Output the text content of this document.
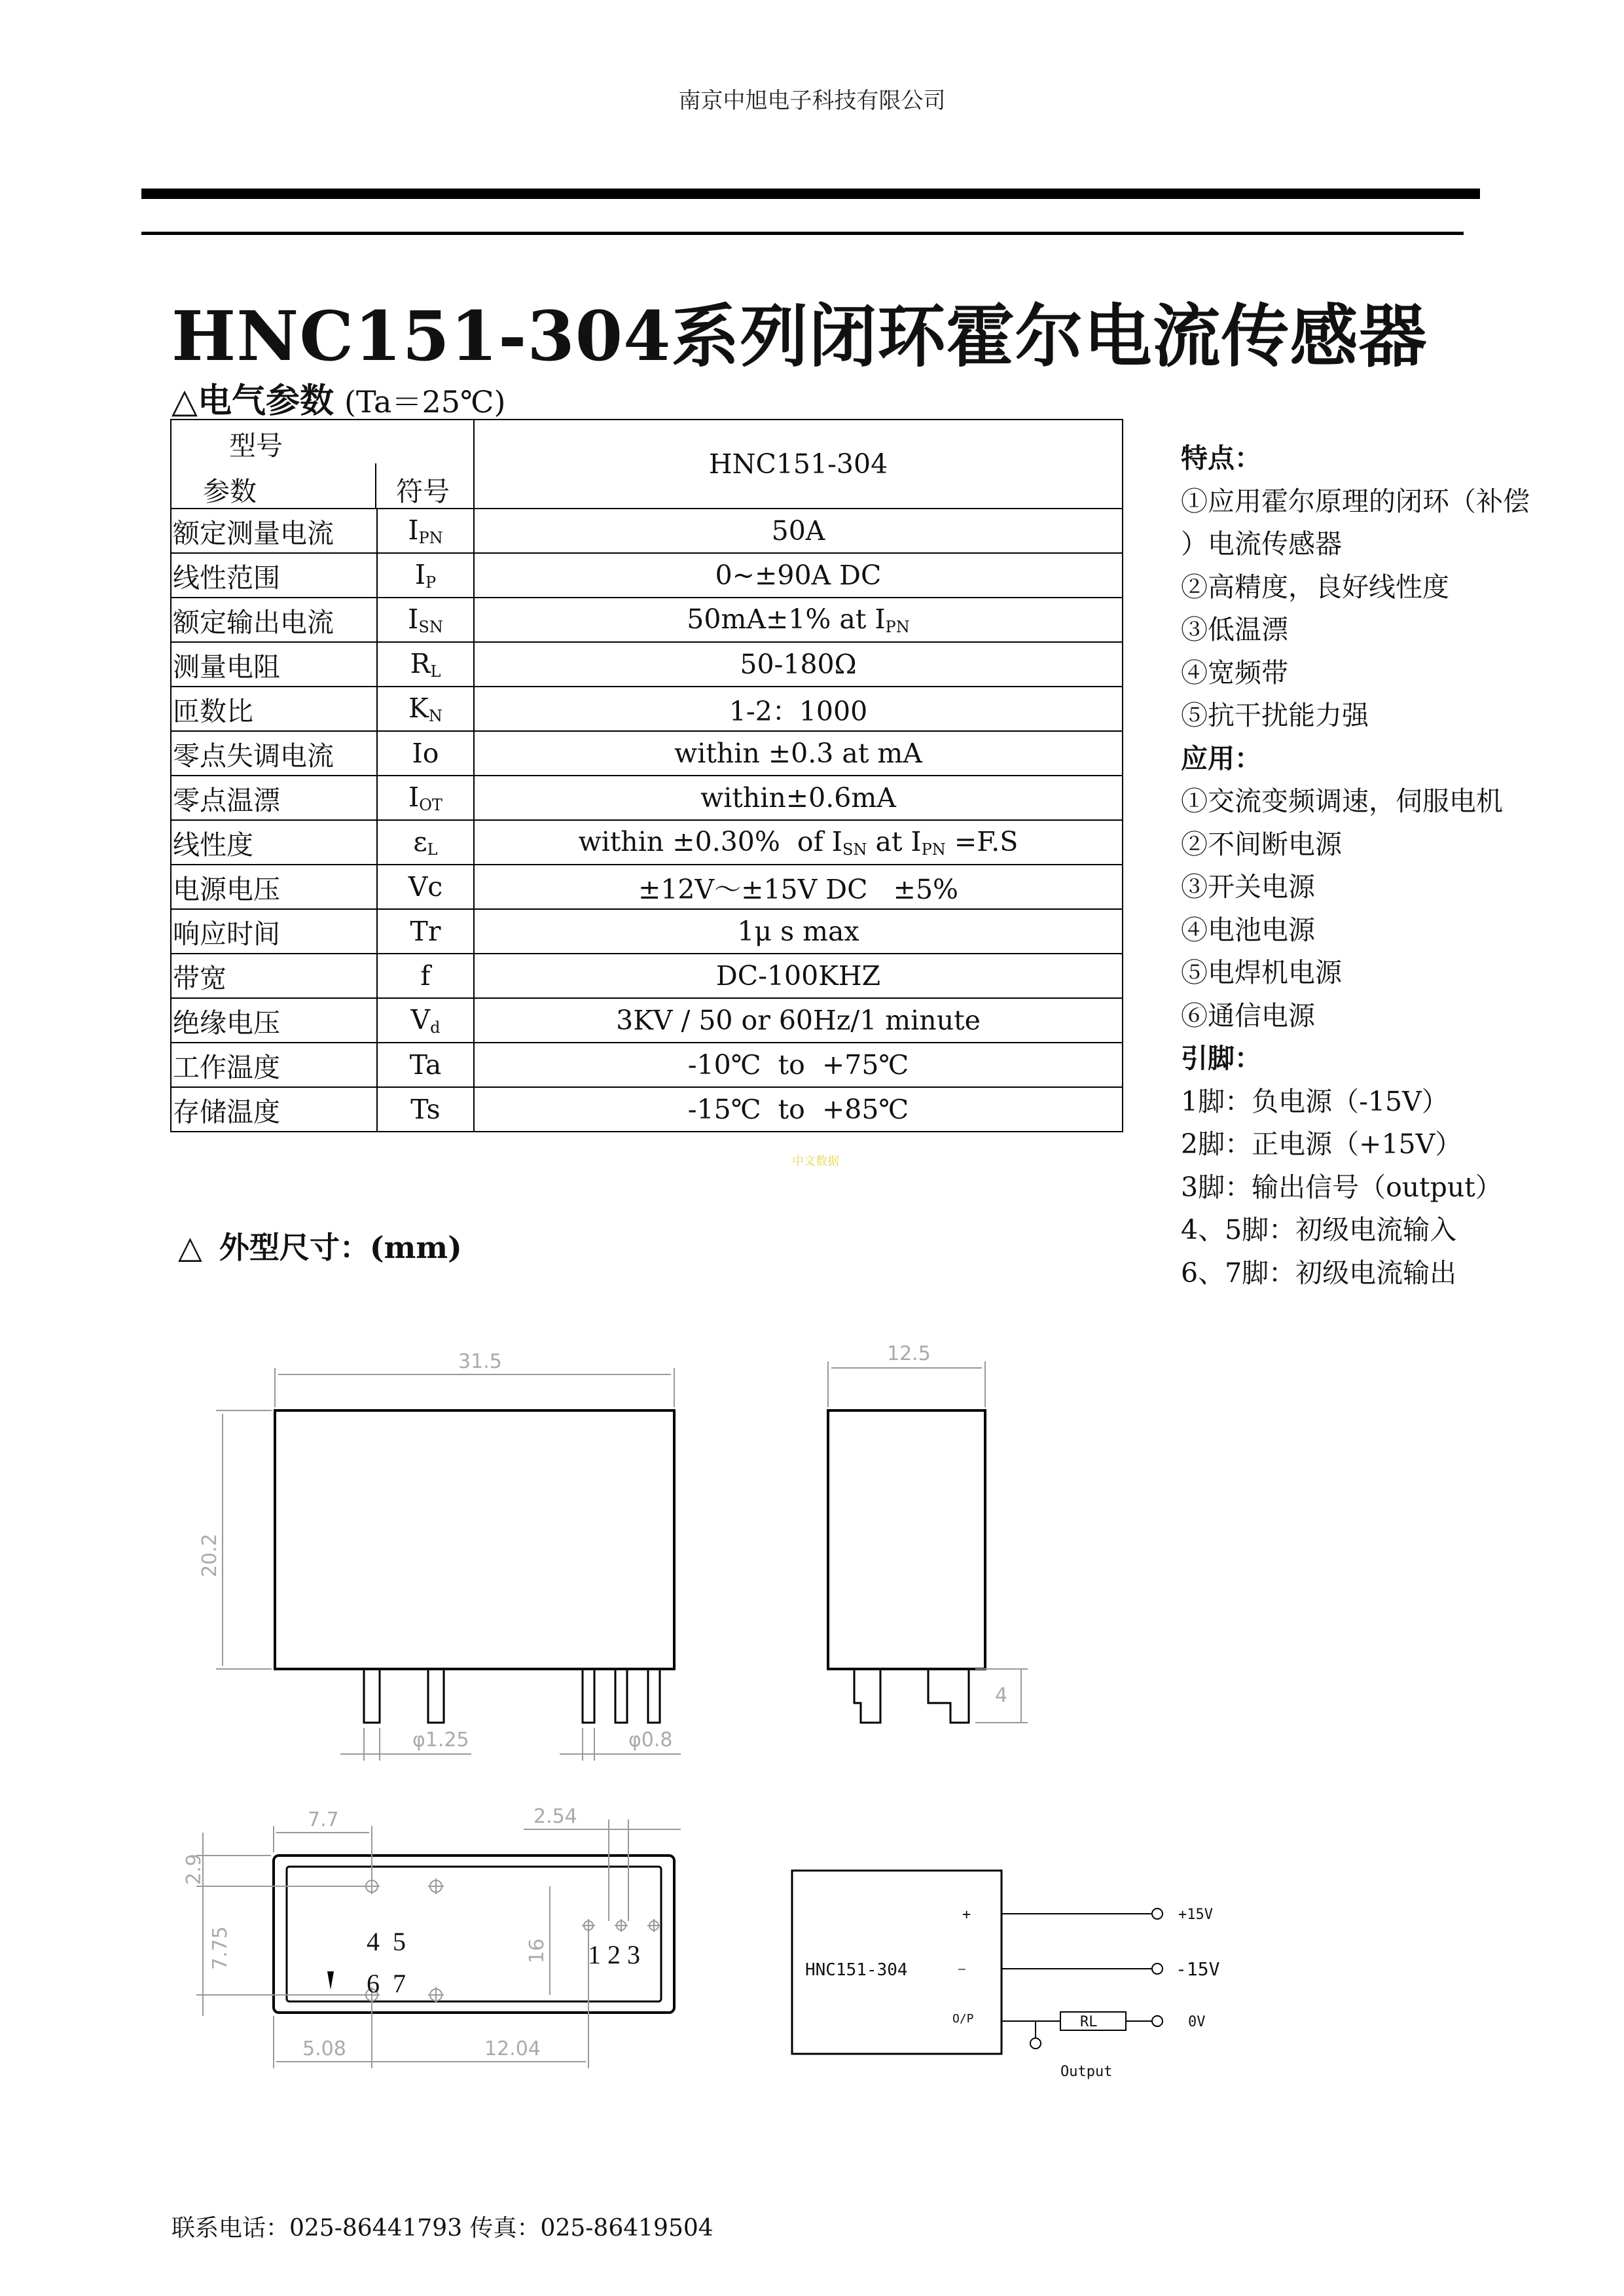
南京中旭电子科技有限公司
HNC151-304系列闭环霍尔电流传感器
△电气参数 (Ta＝25℃)
型号
参数 符号		HNC151-304
额定测量电流	$I_{PN}$	50A
线性范围	$I_P$	0~±90A DC
额定输出电流	$I_{SN}$	50mA±1% at $I_{PN}$
测量电阻	$R_L$	50-180Ω
匝数比	$K_N$	1-2：1000
零点失调电流	Io	within ±0.3 at mA
零点温漂	$I_{OT}$	within±0.6mA
线性度	$\varepsilon_L$	within ±0.30%  of $I_{SN}$ at $I_{PN} =F.S$
电源电压	Vc	±12V～±15V DC   ±5%
响应时间	Tr	1μ s max
带宽	f	DC-100KHZ
绝缘电压	$V_d$	3KV / 50 or 60Hz/1 minute
工作温度	Ta	-10℃  to  +75℃
存储温度	Ts	-15℃  to  +85℃
中文数据
特点：
①应用霍尔原理的闭环（补偿
）电流传感器
②高精度，良好线性度
③低温漂
④宽频带
⑤抗干扰能力强
应用：
①交流变频调速，伺服电机
②不间断电源
③开关电源
④电池电源
⑤电焊机电源
⑥通信电源
引脚：
1脚：负电源（-15V）
2脚：正电源（+15V）
3脚：输出信号（output）
4、5脚：初级电流输入
6、7脚：初级电流输出
△ 外型尺寸：(mm)
31.5
20.2
φ1.25	φ0.8
12.5
4
4  5
6  7
1 2 3
7.7	2.54
2.9
7.75	16
5.08	12.04
HNC151-304
+
—
O/P
+15V
-15V
RL	0V
Output
联系电话：025-86441793 传真：025-86419504
